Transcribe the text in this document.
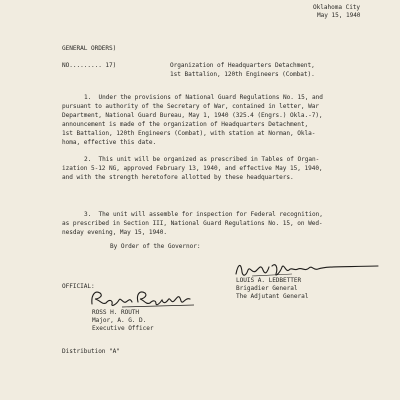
Oklahoma City
May 15, 1940
GENERAL ORDERS)
NO......... 17)	Organization of Headquarters Detachment,
1st Battalion, 120th Engineers (Combat).
1.  Under the provisions of National Guard Regulations No. 15, and
pursuant to authority of the Secretary of War, contained in letter, War
Department, National Guard Bureau, May 1, 1940 (325.4 (Engrs.) Okla.-7),
announcement is made of the organization of Headquarters Detachment,
1st Battalion, 120th Engineers (Combat), with station at Norman, Okla-
homa, effective this date.
2.  This unit will be organized as prescribed in Tables of Organ-
ization 5-12 NG, approved February 13, 1940, and effective May 15, 1940,
and with the strength heretofore allotted by these headquarters.
3.  The unit will assemble for inspection for Federal recognition,
as prescribed in Section III, National Guard Regulations No. 15, on Wed-
nesday evening, May 15, 1940.
By Order of the Governor:
LOUIS A. LEDBETTER
Brigadier General
The Adjutant General
OFFICIAL:
ROSS H. ROUTH
Major, A. G. D.
Executive Officer
Distribution "A"
